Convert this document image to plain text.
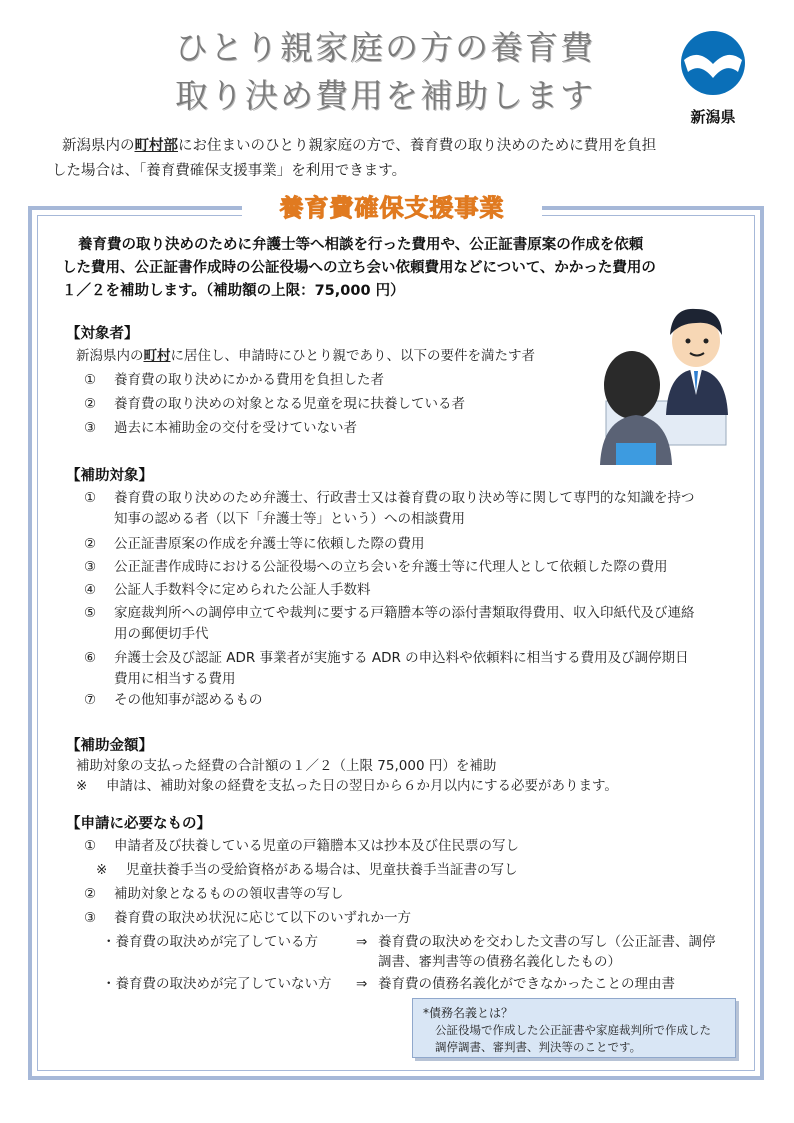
ひとり親家庭の方の養育費
取り決め費用を補助します
新潟県
新潟県内の町村部にお住まいのひとり親家庭の方で、養育費の取り決めのために費用を負担
した場合は、「養育費確保支援事業」を利用できます。
養育費確保支援事業

養育費の取り決めのために弁護士等へ相談を行った費用や、公正証書原案の作成を依頼

した費用、公正証書作成時の公証役場への立ち会い依頼費用などについて、かかった費用の

１／２を補助します。（補助額の上限：75,000 円）

【対象者】
新潟県内の町村に居住し、申請時にひとり親であり、以下の要件を満たす者
① 養育費の取り決めにかかる費用を負担した者
② 養育費の取り決めの対象となる児童を現に扶養している者
③ 過去に本補助金の交付を受けていない者
【補助対象】
① 養育費の取り決めのため弁護士、行政書士又は養育費の取り決め等に関して専門的な知識を持つ
知事の認める者（以下「弁護士等」という）への相談費用
② 公正証書原案の作成を弁護士等に依頼した際の費用
③ 公正証書作成時における公証役場への立ち会いを弁護士等に代理人として依頼した際の費用
④ 公証人手数料令に定められた公証人手数料
⑤ 家庭裁判所への調停申立てや裁判に要する戸籍謄本等の添付書類取得費用、収入印紙代及び連絡
用の郵便切手代
⑥ 弁護士会及び認証 ADR 事業者が実施する ADR の申込料や依頼料に相当する費用及び調停期日
費用に相当する費用
⑦ その他知事が認めるもの
【補助金額】
補助対象の支払った経費の合計額の１／２（上限 75,000 円）を補助
※ 申請は、補助対象の経費を支払った日の翌日から６か月以内にする必要があります。
【申請に必要なもの】
① 申請者及び扶養している児童の戸籍謄本又は抄本及び住民票の写し
※ 児童扶養手当の受給資格がある場合は、児童扶養手当証書の写し
② 補助対象となるものの領収書等の写し
③ 養育費の取決め状況に応じて以下のいずれか一方
・養育費の取決めが完了している方	⇒ 養育費の取決めを交わした文書の写し（公正証書、調停
調書、審判書等の債務名義化したもの）
・養育費の取決めが完了していない方 ⇒ 養育費の債務名義化ができなかったことの理由書
*債務名義とは？
公証役場で作成した公正証書や家庭裁判所で作成した
調停調書、審判書、判決等のことです。
